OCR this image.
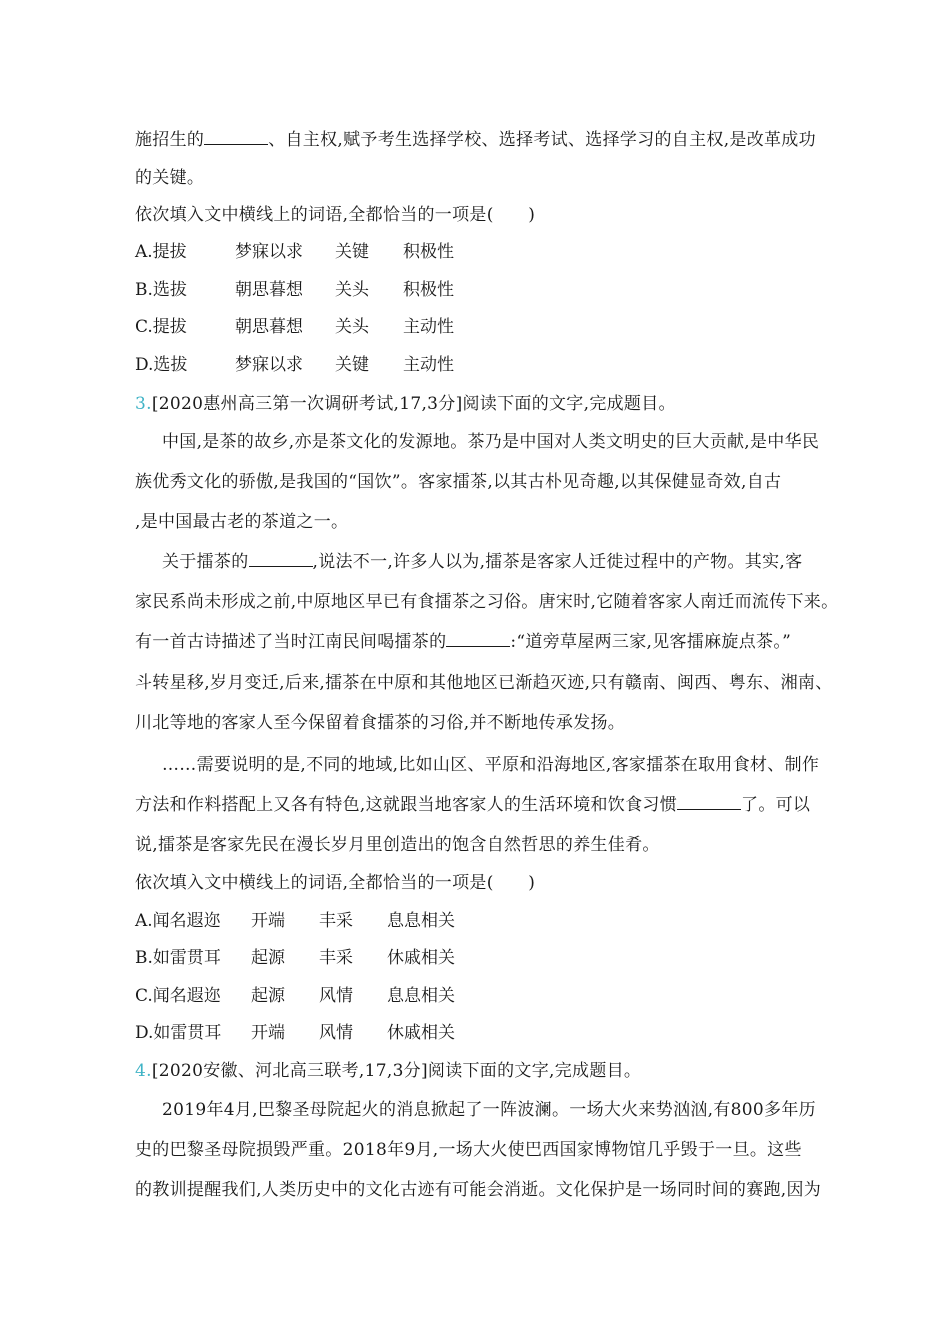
施招生的	、自主权,赋予考生选择学校、选择考试、选择学习的自主权,是改革成功
的关键。
依次填入文中横线上的词语,全都恰当的一项是(　　)
A.提拔	梦寐以求 关键 积极性
B.选拔	朝思暮想 关头 积极性
C.提拔	朝思暮想 关头 主动性
D.选拔	梦寐以求 关键 主动性
3.[2020惠州高三第一次调研考试,17,3分]阅读下面的文字,完成题目。
中国,是茶的故乡,亦是茶文化的发源地。茶乃是中国对人类文明史的巨大贡献,是中华民
族优秀文化的骄傲,是我国的“国饮”。客家擂茶,以其古朴见奇趣,以其保健显奇效,自古
,是中国最古老的茶道之一。
关于擂茶的	,说法不一,许多人以为,擂茶是客家人迁徙过程中的产物。其实,客
家民系尚未形成之前,中原地区早已有食擂茶之习俗。唐宋时,它随着客家人南迁而流传下来。
有一首古诗描述了当时江南民间喝擂茶的	:“道旁草屋两三家,见客擂麻旋点茶。”
斗转星移,岁月变迁,后来,擂茶在中原和其他地区已渐趋灭迹,只有赣南、闽西、粤东、湘南、
川北等地的客家人至今保留着食擂茶的习俗,并不断地传承发扬。
……需要说明的是,不同的地域,比如山区、平原和沿海地区,客家擂茶在取用食材、制作
方法和作料搭配上又各有特色,这就跟当地客家人的生活环境和饮食习惯	了。可以
说,擂茶是客家先民在漫长岁月里创造出的饱含自然哲思的养生佳肴。
依次填入文中横线上的词语,全都恰当的一项是(　　)
A.闻名遐迩 开端 丰采 息息相关
B.如雷贯耳 起源 丰采 休戚相关
C.闻名遐迩 起源 风情 息息相关
D.如雷贯耳 开端 风情 休戚相关
4.[2020安徽、河北高三联考,17,3分]阅读下面的文字,完成题目。
2019年4月,巴黎圣母院起火的消息掀起了一阵波澜。一场大火来势汹汹,有800多年历
史的巴黎圣母院损毁严重。2018年9月,一场大火使巴西国家博物馆几乎毁于一旦。这些
的教训提醒我们,人类历史中的文化古迹有可能会消逝。文化保护是一场同时间的赛跑,因为
